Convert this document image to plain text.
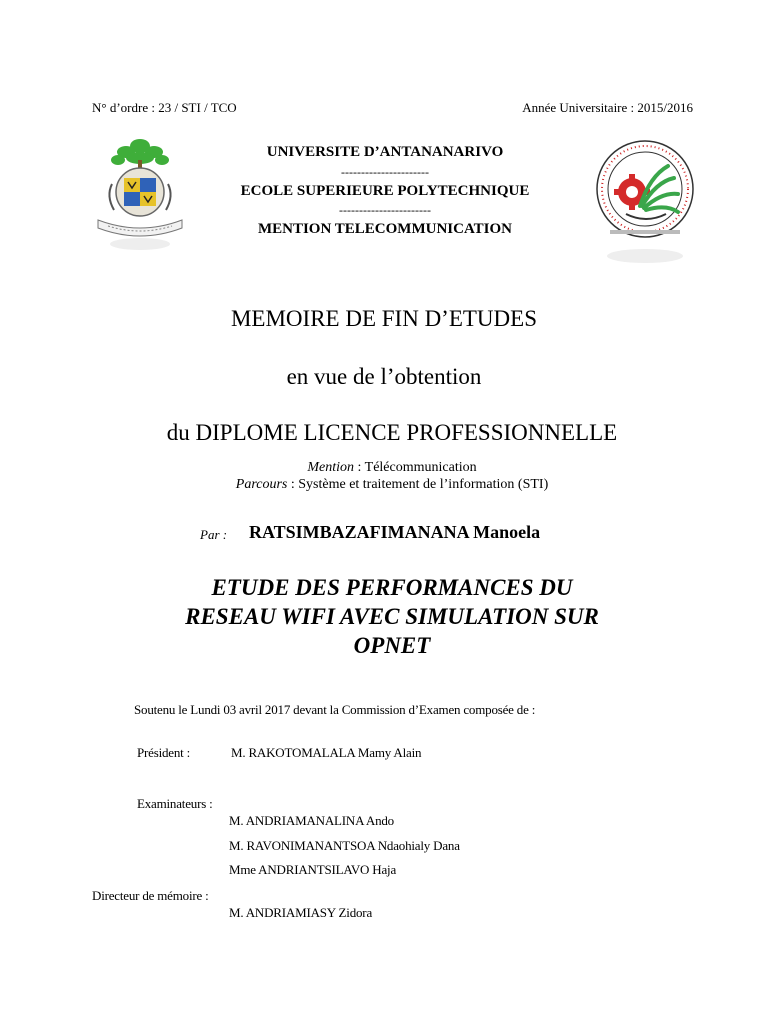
N° d’ordre : 23 / STI / TCO	Année Universitaire : 2015/2016
UNIVERSITE D’ANTANANARIVO
----------------------
ECOLE SUPERIEURE POLYTECHNIQUE
-----------------------
MENTION TELECOMMUNICATION
MEMOIRE DE FIN D’ETUDES
en vue de l’obtention
du DIPLOME LICENCE PROFESSIONNELLE
Mention : Télécommunication
Parcours : Système et traitement de l’information (STI)
Par : RATSIMBAZAFIMANANA Manoela
ETUDE DES PERFORMANCES DU
RESEAU WIFI AVEC SIMULATION SUR
OPNET
Soutenu le Lundi 03 avril 2017 devant la Commission d’Examen composée de :
Président :	M. RAKOTOMALALA Mamy Alain
Examinateurs :
M. ANDRIAMANALINA Ando
M. RAVONIMANANTSOA Ndaohialy Dana
Mme ANDRIANTSILAVO Haja
Directeur de mémoire :
M. ANDRIAMIASY Zidora
